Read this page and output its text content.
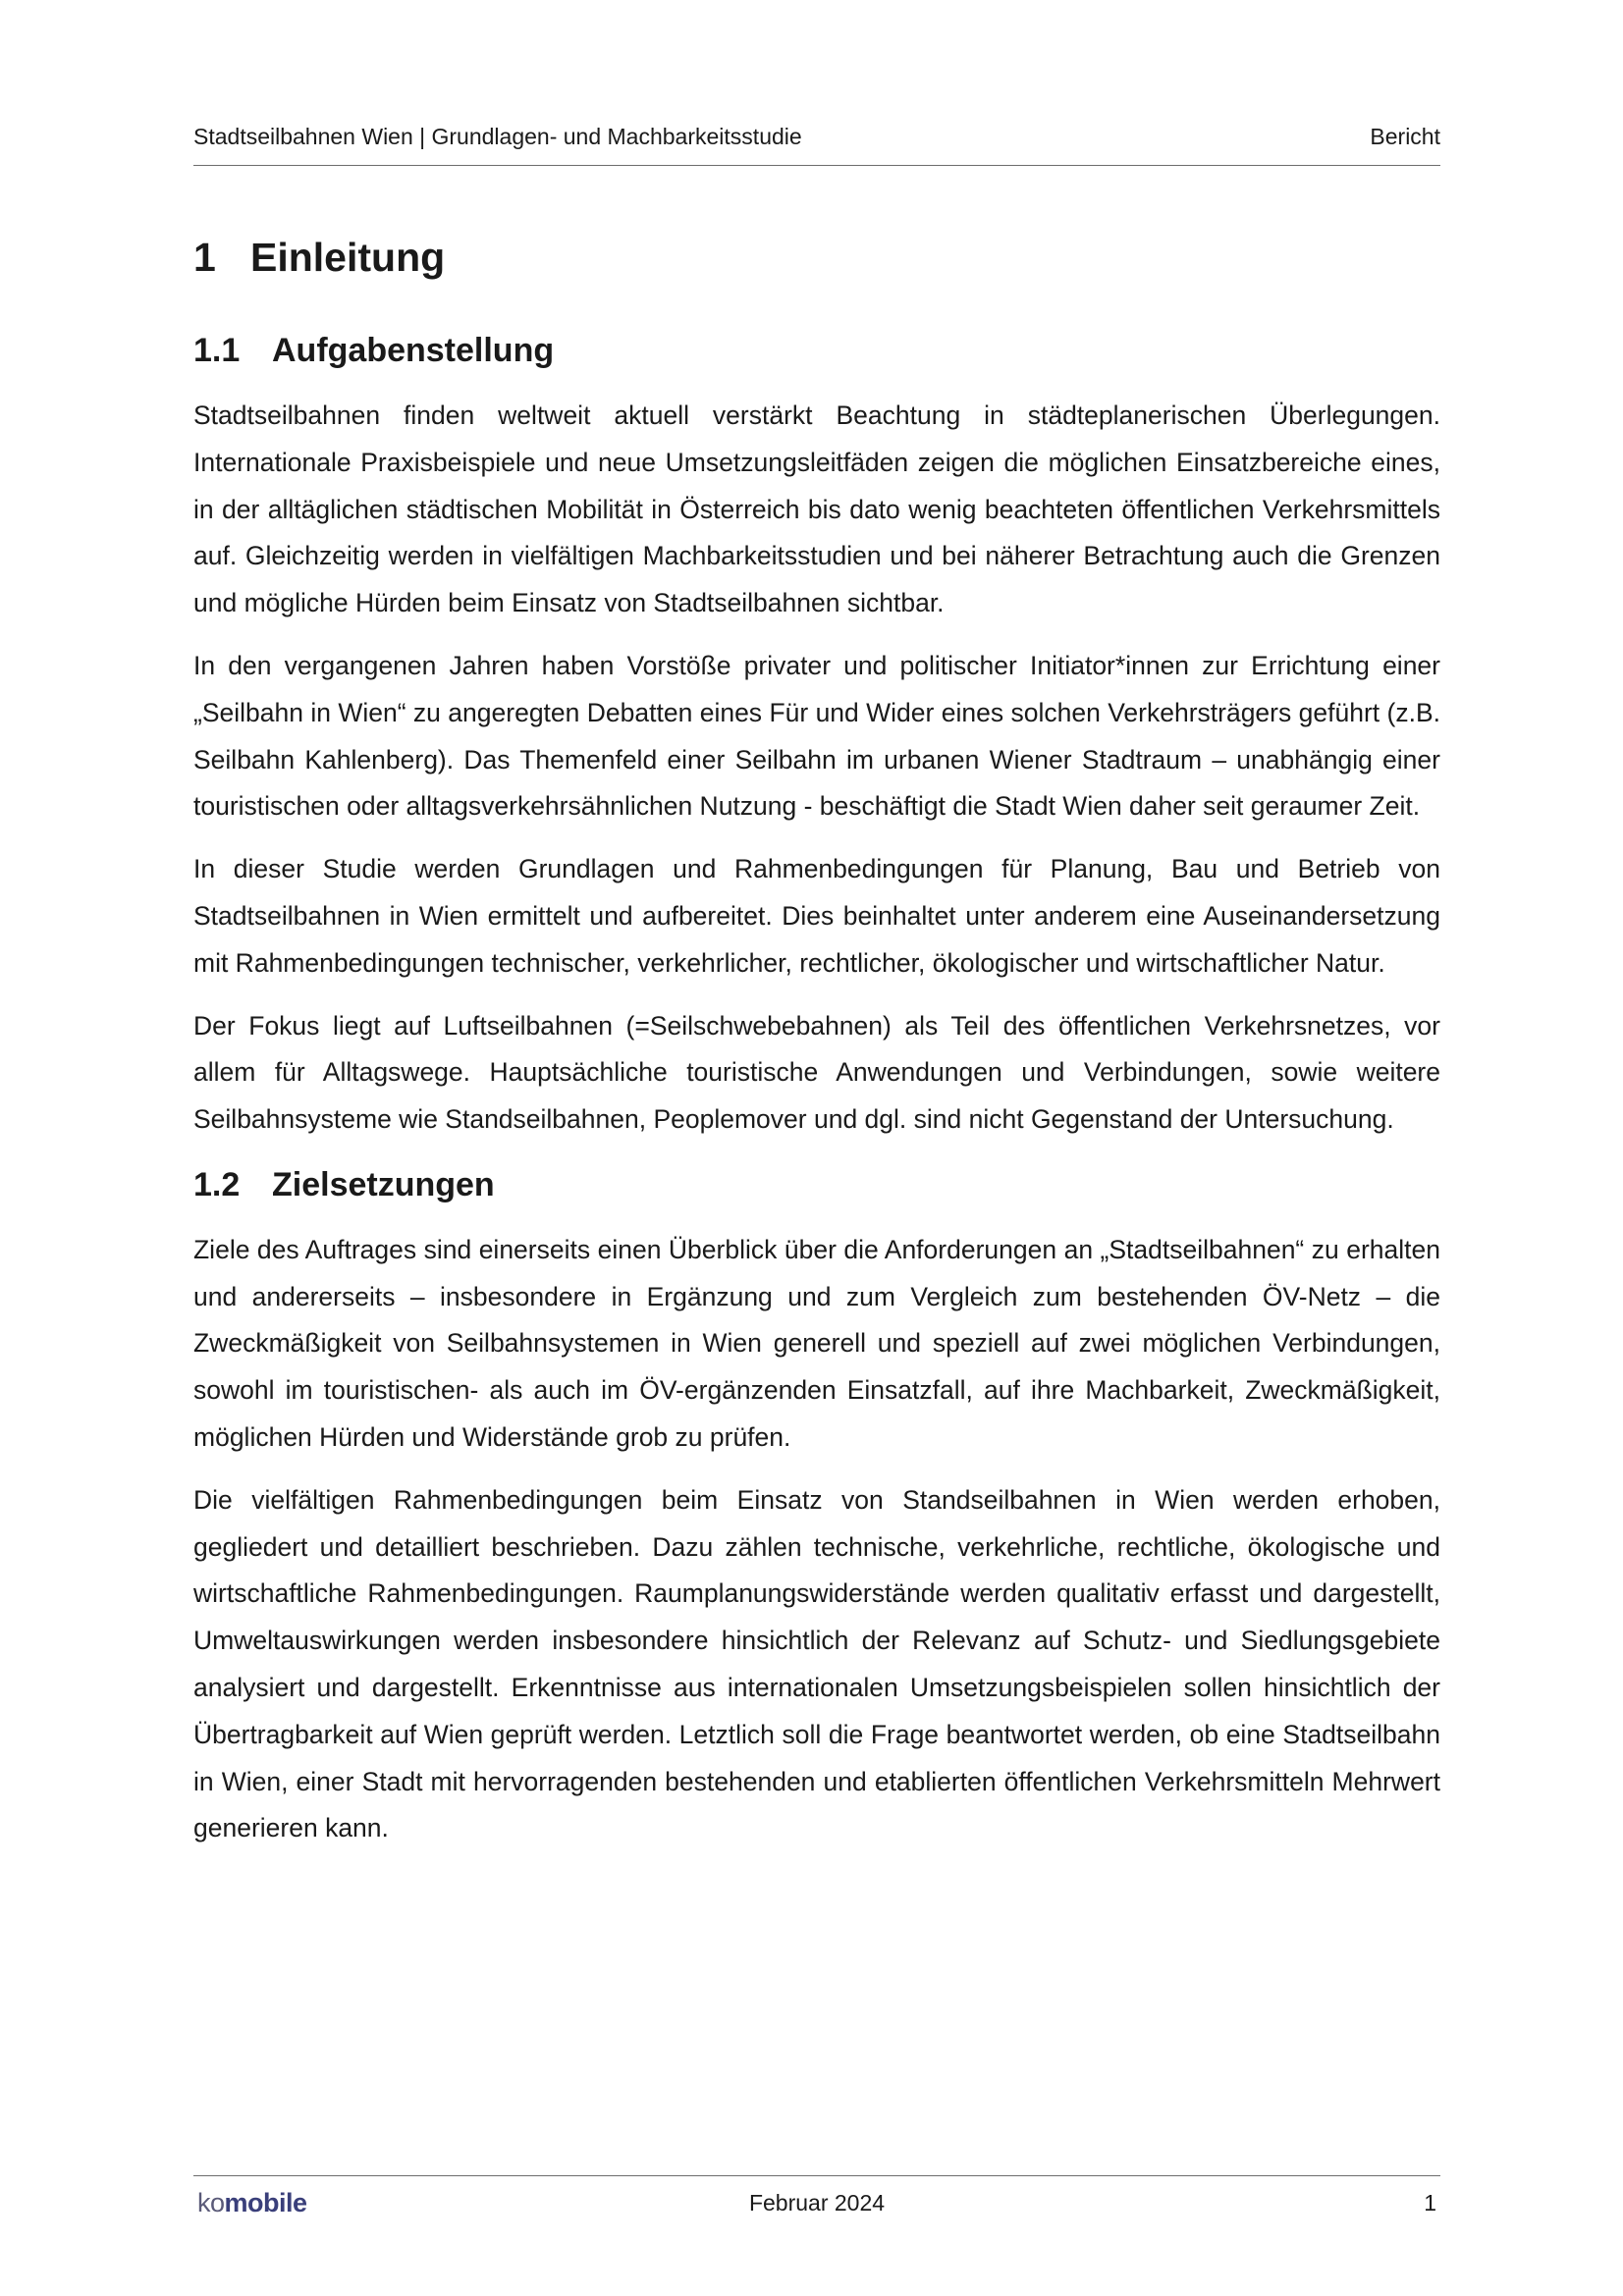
Stadtseilbahnen Wien | Grundlagen- und Machbarkeitsstudie	Bericht
1 Einleitung
1.1 Aufgabenstellung

Stadtseilbahnen finden weltweit aktuell verstärkt Beachtung in städteplanerischen Überlegungen. Internationale Praxisbeispiele und neue Umsetzungsleitfäden zeigen die möglichen Einsatzbereiche eines, in der alltäglichen städtischen Mobilität in Österreich bis dato wenig beachteten öffentlichen Verkehrsmittels auf. Gleichzeitig werden in vielfältigen Machbarkeitsstudien und bei näherer Betrachtung auch die Grenzen und mögliche Hürden beim Einsatz von Stadtseilbahnen sichtbar.

In den vergangenen Jahren haben Vorstöße privater und politischer Initiator*innen zur Errichtung einer „Seilbahn in Wien“ zu angeregten Debatten eines Für und Wider eines solchen Verkehrsträgers geführt (z.B. Seilbahn Kahlenberg). Das Themenfeld einer Seilbahn im urbanen Wiener Stadtraum – unabhängig einer touristischen oder alltagsverkehrsähnlichen Nutzung - beschäftigt die Stadt Wien daher seit geraumer Zeit.

In dieser Studie werden Grundlagen und Rahmenbedingungen für Planung, Bau und Betrieb von Stadtseilbahnen in Wien ermittelt und aufbereitet. Dies beinhaltet unter anderem eine Auseinandersetzung mit Rahmenbedingungen technischer, verkehrlicher, rechtlicher, ökologischer und wirtschaftlicher Natur.

Der Fokus liegt auf Luftseilbahnen (=Seilschwebebahnen) als Teil des öffentlichen Verkehrsnetzes, vor allem für Alltagswege. Hauptsächliche touristische Anwendungen und Verbindungen, sowie weitere Seilbahnsysteme wie Standseilbahnen, Peoplemover und dgl. sind nicht Gegenstand der Untersuchung.

1.2 Zielsetzungen

Ziele des Auftrages sind einerseits einen Überblick über die Anforderungen an „Stadtseilbahnen“ zu erhalten und andererseits – insbesondere in Ergänzung und zum Vergleich zum bestehenden ÖV-Netz – die Zweckmäßigkeit von Seilbahnsystemen in Wien generell und speziell auf zwei möglichen Verbindungen, sowohl im touristischen- als auch im ÖV-ergänzenden Einsatzfall, auf ihre Machbarkeit, Zweckmäßigkeit, möglichen Hürden und Widerstände grob zu prüfen.

Die vielfältigen Rahmenbedingungen beim Einsatz von Standseilbahnen in Wien werden erhoben, gegliedert und detailliert beschrieben. Dazu zählen technische, verkehrliche, rechtliche, ökologische und wirtschaftliche Rahmenbedingungen. Raumplanungswiderstände werden qualitativ erfasst und dargestellt, Umweltauswirkungen werden insbesondere hinsichtlich der Relevanz auf Schutz- und Siedlungsgebiete analysiert und dargestellt. Erkenntnisse aus internationalen Umsetzungsbeispielen sollen hinsichtlich der Übertragbarkeit auf Wien geprüft werden. Letztlich soll die Frage beantwortet werden, ob eine Stadtseilbahn in Wien, einer Stadt mit hervorragenden bestehenden und etablierten öffentlichen Verkehrsmitteln Mehrwert generieren kann.

komobile	Februar 2024	1
